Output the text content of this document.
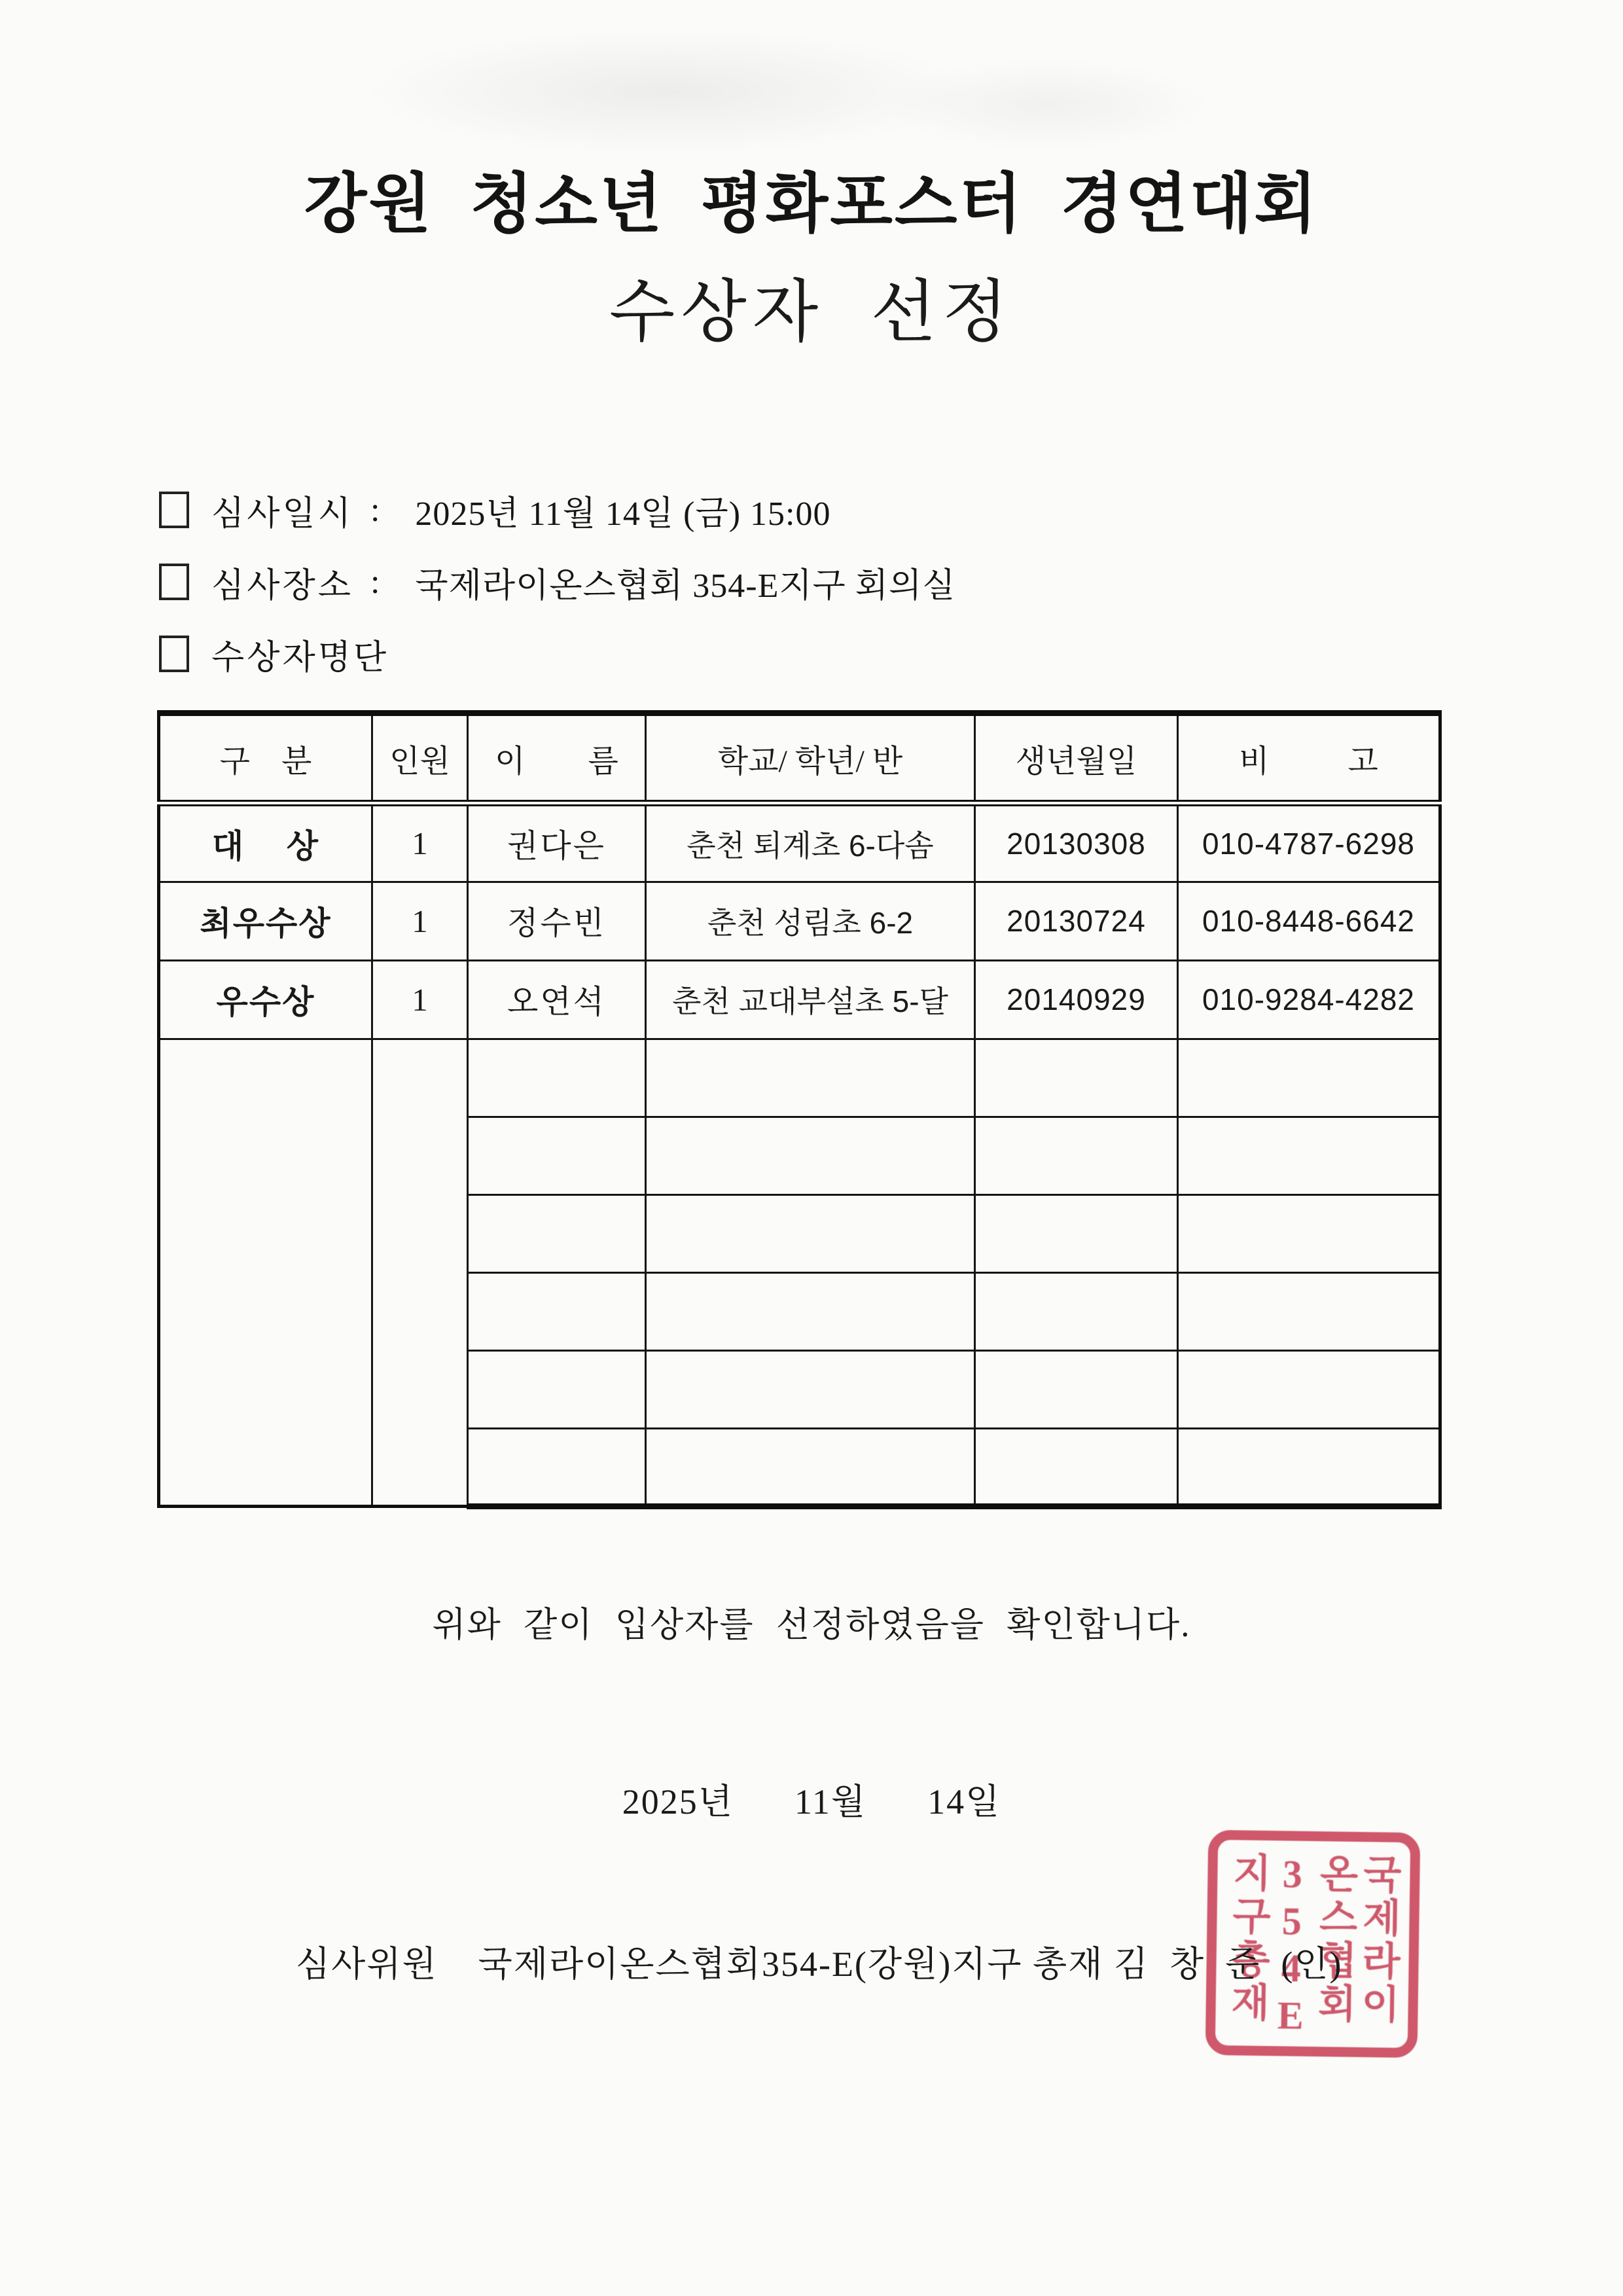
강원 청소년 평화포스터 경연대회
수상자 선정
심사일시 : 2025년 11월 14일 (금) 15:00
심사장소 : 국제라이온스협회 354-E지구 회의실
수상자명단
구    분	인원	이        름	학교/ 학년/ 반	생년월일	비          고
대    상	1	권다은	춘천 퇴계초 6-다솜	20130308	010-4787-6298
최우수상	1	정수빈	춘천 성림초 6-2	20130724	010-8448-6642
우수상	1	오연석	춘천 교대부설초 5-달	20140929	010-9284-4282

위와 같이 입상자를 선정하였음을 확인합니다.
2025년      11월      14일
심사위원    국제라이온스협회354-E(강원)지구 총재 김  창  준  (인) 국제라이
온스협회
354E
지구총재
